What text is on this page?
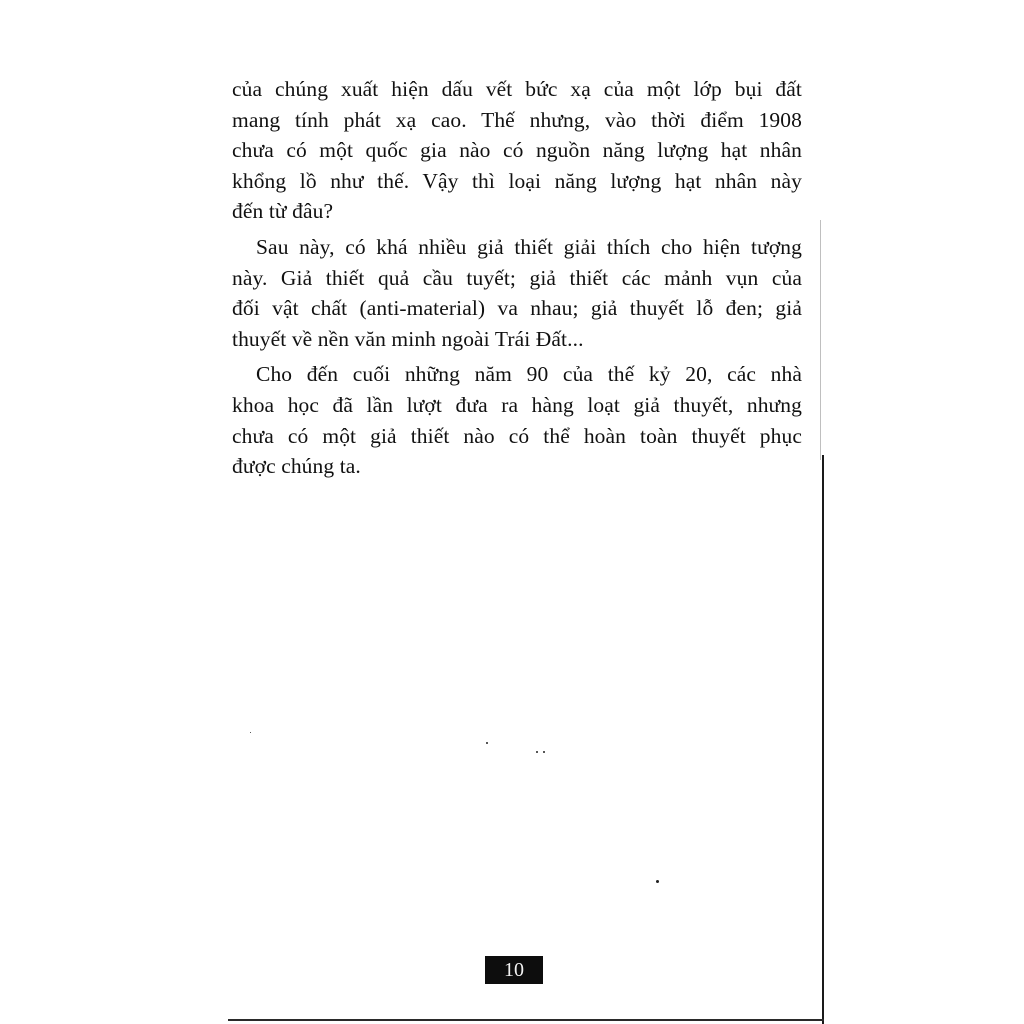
của chúng xuất hiện dấu vết bức xạ của một lớp bụi đất
mang tính phát xạ cao. Thế nhưng, vào thời điểm 1908
chưa có một quốc gia nào có nguồn năng lượng hạt nhân
khổng lồ như thế. Vậy thì loại năng lượng hạt nhân này
đến từ đâu?
Sau này, có khá nhiều giả thiết giải thích cho hiện tượng
này. Giả thiết quả cầu tuyết; giả thiết các mảnh vụn của
đối vật chất (anti-material) va nhau; giả thuyết lỗ đen; giả
thuyết về nền văn minh ngoài Trái Đất...
Cho đến cuối những năm 90 của thế kỷ 20, các nhà
khoa học đã lần lượt đưa ra hàng loạt giả thuyết, nhưng
chưa có một giả thiết nào có thể hoàn toàn thuyết phục
được chúng ta.
10
